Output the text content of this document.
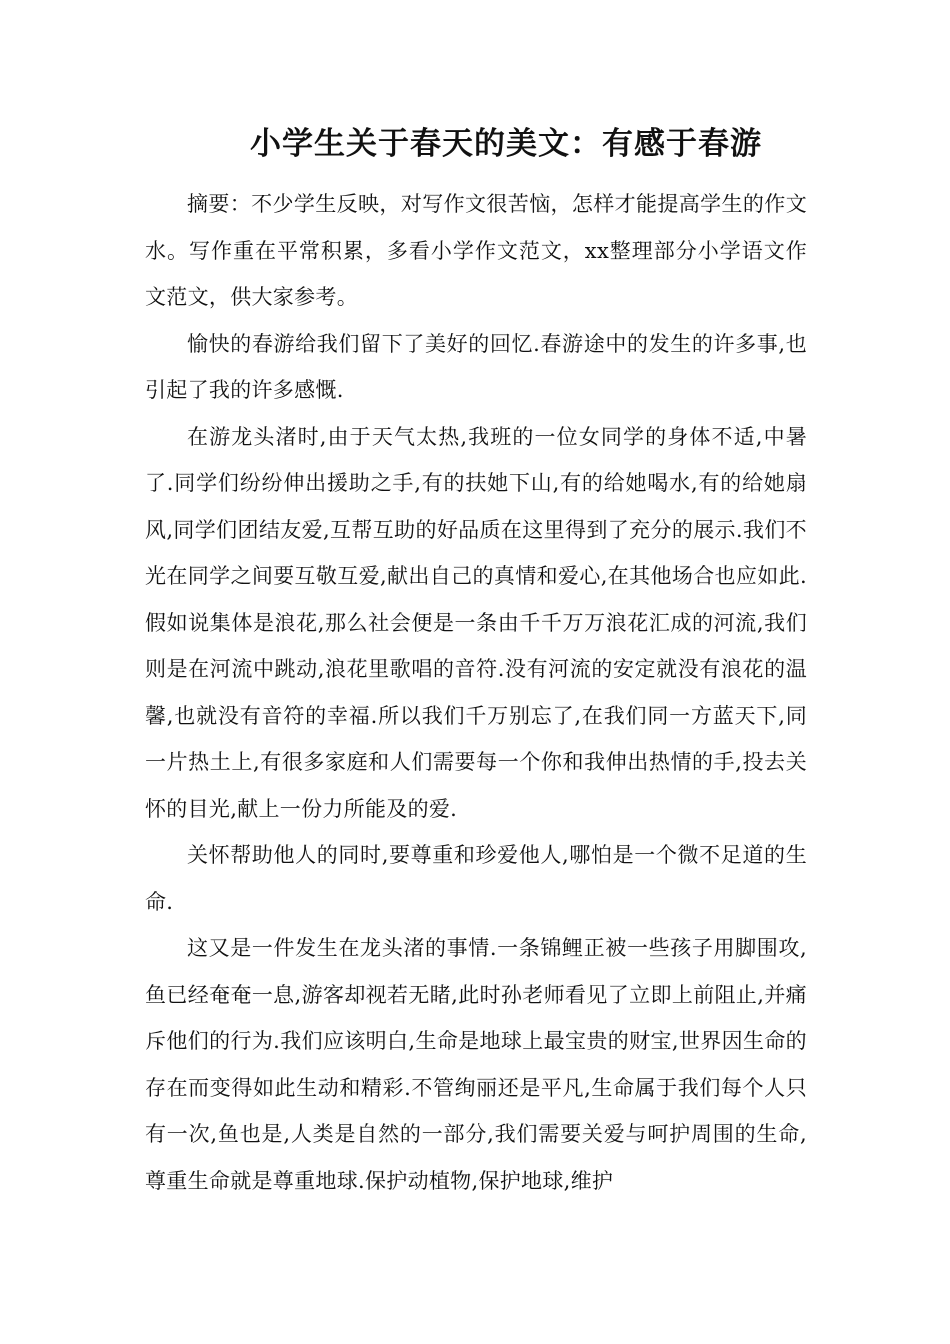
小学生关于春天的美文：有感于春游

摘要：不少学生反映，对写作文很苦恼，怎样才能提高学生的作文水。写作重在平常积累，多看小学作文范文，xx整理部分小学语文作文范文，供大家参考。

愉快的春游给我们留下了美好的回忆.春游途中的发生的许多事,也引起了我的许多感慨.

在游龙头渚时,由于天气太热,我班的一位女同学的身体不适,中暑了.同学们纷纷伸出援助之手,有的扶她下山,有的给她喝水,有的给她扇风,同学们团结友爱,互帮互助的好品质在这里得到了充分的展示.我们不光在同学之间要互敬互爱,献出自己的真情和爱心,在其他场合也应如此.假如说集体是浪花,那么社会便是一条由千千万万浪花汇成的河流,我们则是在河流中跳动,浪花里歌唱的音符.没有河流的安定就没有浪花的温馨,也就没有音符的幸福.所以我们千万别忘了,在我们同一方蓝天下,同一片热土上,有很多家庭和人们需要每一个你和我伸出热情的手,投去关怀的目光,献上一份力所能及的爱.

关怀帮助他人的同时,要尊重和珍爱他人,哪怕是一个微不足道的生命.

这又是一件发生在龙头渚的事情.一条锦鲤正被一些孩子用脚围攻,鱼已经奄奄一息,游客却视若无睹,此时孙老师看见了立即上前阻止,并痛斥他们的行为.我们应该明白,生命是地球上最宝贵的财宝,世界因生命的存在而变得如此生动和精彩.不管绚丽还是平凡,生命属于我们每个人只有一次,鱼也是,人类是自然的一部分,我们需要关爱与呵护周围的生命,尊重生命就是尊重地球.保护动植物,保护地球,维护
